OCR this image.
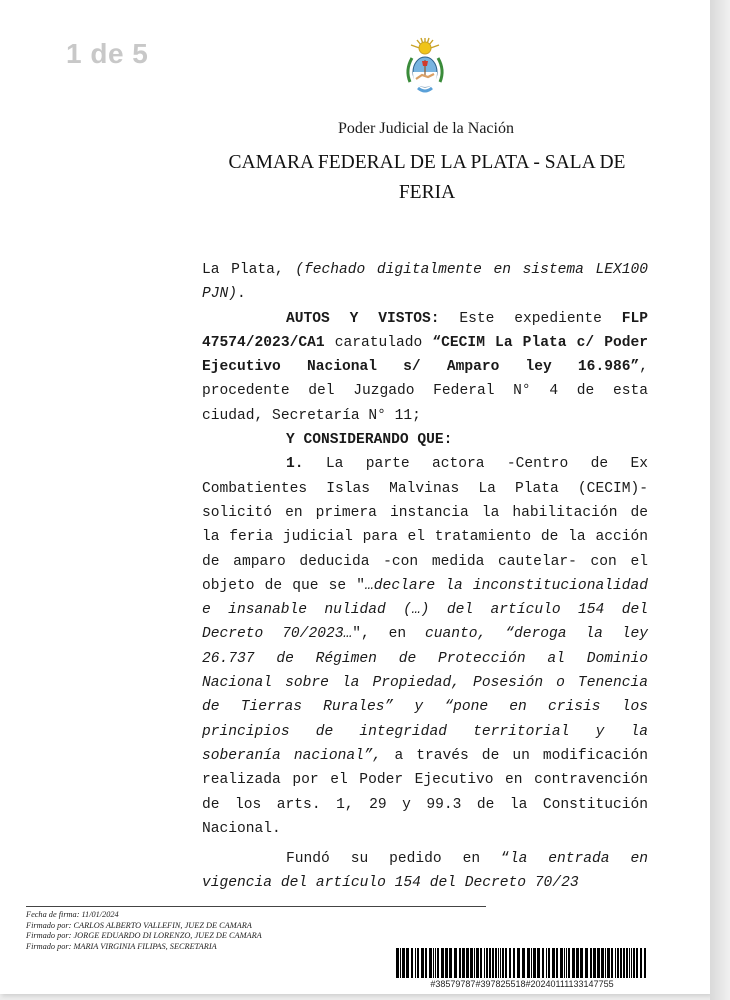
1 de 5
Poder Judicial de la Nación
CAMARA FEDERAL DE LA PLATA - SALA DE
FERIA

La Plata, (fechado digitalmente en sistema LEX100 PJN).

AUTOS Y VISTOS: Este expediente FLP 47574/2023/CA1 caratulado “CECIM La Plata c/ Poder Ejecutivo Nacional s/ Amparo ley 16.986”, procedente del Juzgado Federal N° 4 de esta ciudad, Secretaría N° 11;

Y CONSIDERANDO QUE:

1. La parte actora -Centro de Ex Combatientes Islas Malvinas La Plata (CECIM)- solicitó en primera instancia la habilitación de la feria judicial para el tratamiento de la acción de amparo deducida -con medida cautelar- con el objeto de que se "…declare la inconstitucionalidad e insanable nulidad (…) del artículo 154 del Decreto 70/2023…", en cuanto, “deroga la ley 26.737 de Régimen de Protección al Dominio Nacional sobre la Propiedad, Posesión o Tenencia de Tierras Rurales” y “pone en crisis los principios de integridad territorial y la soberanía nacional”, a través de un modificación realizada por el Poder Ejecutivo en contravención de los arts. 1, 29 y 99.3 de la Constitución Nacional.

Fundó su pedido en “la entrada en vigencia del artículo 154 del Decreto 70/23

Fecha de firma: 11/01/2024
Firmado por: CARLOS ALBERTO VALLEFIN, JUEZ DE CAMARA
Firmado por: JORGE EDUARDO DI LORENZO, JUEZ DE CAMARA
Firmado por: MARIA VIRGINIA FILIPAS, SECRETARIA
#38579787#397825518#20240111133147755
